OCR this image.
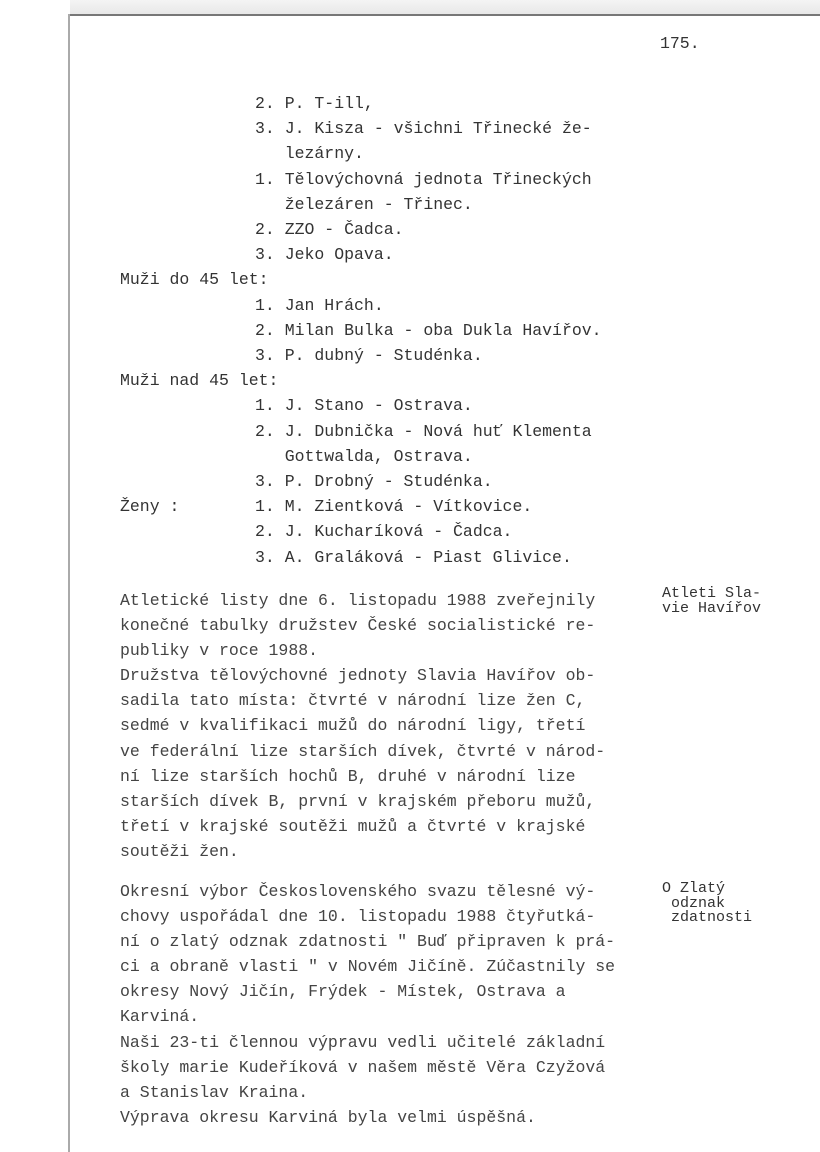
175.
2. P. T-ill,
3. J. Kisza - všichni Třinecké že-
lezárny.
1. Tělovýchovná jednota Třineckých
železáren - Třinec.
2. ZZO - Čadca.
3. Jeko Opava.
Muži do 45 let:
1. Jan Hrách.
2. Milan Bulka - oba Dukla Havířov.
3. P. dubný - Studénka.
Muži nad 45 let:
1. J. Stano - Ostrava.
2. J. Dubnička - Nová huť Klementa
Gottwalda, Ostrava.
3. P. Drobný - Studénka.
Ženy :	1. M. Zientková - Vítkovice.
2. J. Kucharíková - Čadca.
3. A. Graláková - Piast Glivice.
Atletické listy dne 6. listopadu 1988 zveřejnily
konečné tabulky družstev České socialistické re-
publiky v roce 1988.
Družstva tělovýchovné jednoty Slavia Havířov ob-
sadila tato místa: čtvrté v národní lize žen C,
sedmé v kvalifikaci mužů do národní ligy, třetí
ve federální lize starších dívek, čtvrté v národ-
ní lize starších hochů B, druhé v národní lize
starších dívek B, první v krajském přeboru mužů,
třetí v krajské soutěži mužů a čtvrté v krajské
soutěži žen.
Atleti Sla-
vie Havířov
Okresní výbor Československého svazu tělesné vý-
chovy uspořádal dne 10. listopadu 1988 čtyřutká-
ní o zlatý odznak zdatnosti " Buď připraven k prá-
ci a obraně vlasti " v Novém Jičíně. Zúčastnily se
okresy Nový Jičín, Frýdek - Místek, Ostrava a
Karviná.
Naši 23-ti člennou výpravu vedli učitelé základní
školy marie Kudeříková v našem městě Věra Czyžová
a Stanislav Kraina.
Výprava okresu Karviná byla velmi úspěšná.
O Zlatý
odznak
zdatnosti
